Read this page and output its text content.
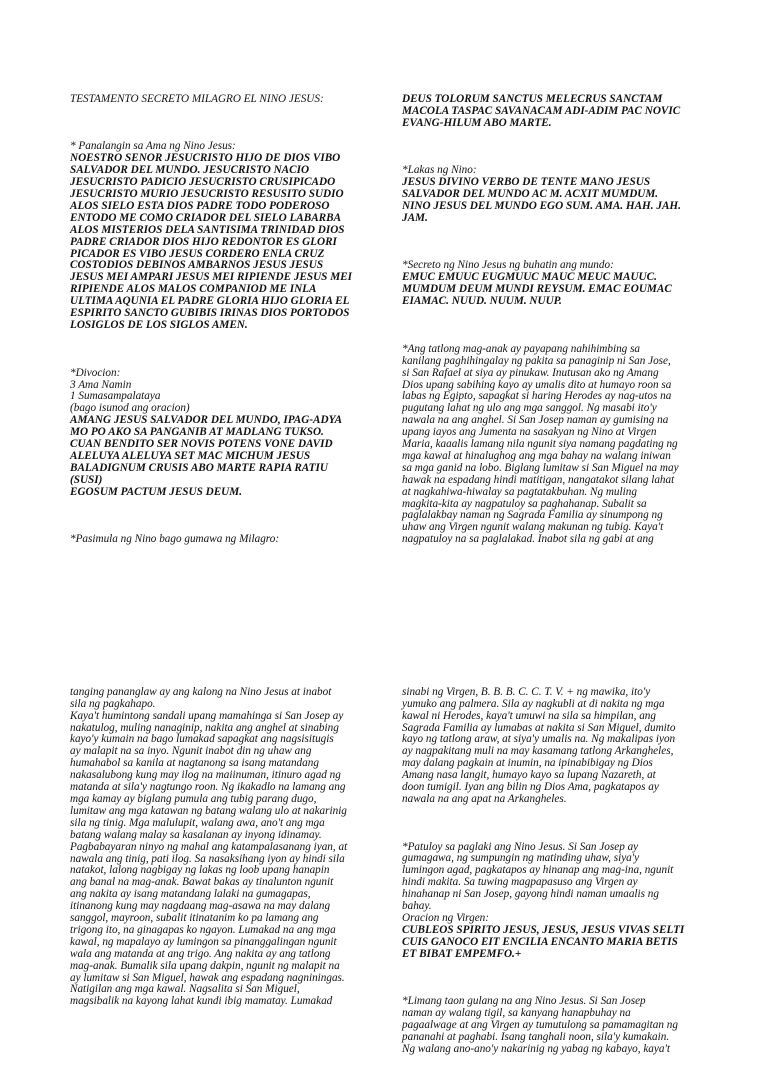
TESTAMENTO SECRETO MILAGRO EL NINO JESUS:

* Panalangin sa Ama ng Nino Jesus:
NOESTRO SENOR JESUCRISTO HIJO DE DIOS VIBO
SALVADOR DEL MUNDO. JESUCRISTO NACIO
JESUCRISTO PADICIO JESUCRISTO CRUSIPICADO
JESUCRISTO MURIO JESUCRISTO RESUSITO SUDIO
ALOS SIELO ESTA DIOS PADRE TODO PODEROSO
ENTODO ME COMO CRIADOR DEL SIELO LABARBA
ALOS MISTERIOS DELA SANTISIMA TRINIDAD DIOS
PADRE CRIADOR DIOS HIJO REDONTOR ES GLORI
PICADOR ES VIBO JESUS CORDERO ENLA CRUZ
COSTODIOS DEBINOS AMBARNOS JESUS JESUS
JESUS MEI AMPARI JESUS MEI RIPIENDE JESUS MEI
RIPIENDE ALOS MALOS COMPANIOD ME INLA
ULTIMA AQUNIA EL PADRE GLORIA HIJO GLORIA EL
ESPIRITO SANCTO GUBIBIS IRINAS DIOS PORTODOS
LOSIGLOS DE LOS SIGLOS AMEN.

*Divocion:
3 Ama Namin
1 Sumasampalataya
(bago isunod ang oracion)
AMANG JESUS SALVADOR DEL MUNDO, IPAG-ADYA
MO PO AKO SA PANGANIB AT MADLANG TUKSO.
CUAN BENDITO SER NOVIS POTENS VONE DAVID
ALELUYA ALELUYA SET MAC MICHUM JESUS
BALADIGNUM CRUSIS ABO MARTE RAPIA RATIU
(SUSI)
EGOSUM PACTUM JESUS DEUM.

*Pasimula ng Nino bago gumawa ng Milagro:

DEUS TOLORUM SANCTUS MELECRUS SANCTAM
MACOLA TASPAC SAVANACAM ADI-ADIM PAC NOVIC
EVANG-HILUM ABO MARTE.

*Lakas ng Nino:
JESUS DIVINO VERBO DE TENTE MANO JESUS
SALVADOR DEL MUNDO AC M. ACXIT MUMDUM.
NINO JESUS DEL MUNDO EGO SUM. AMA. HAH. JAH.
JAM.

*Secreto ng Nino Jesus ng buhatin ang mundo:
EMUC EMUUC EUGMUUC MAUC MEUC MAUUC.
MUMDUM DEUM MUNDI REYSUM. EMAC EOUMAC
EIAMAC. NUUD. NUUM. NUUP.

*Ang tatlong mag-anak ay payapang nahihimbing sa
kanilang paghihingalay ng pakita sa panaginip ni San Jose,
si San Rafael at siya ay pinukaw. Inutusan ako ng Amang
Dios upang sabihing kayo ay umalis dito at humayo roon sa
labas ng Egipto, sapagkat si haring Herodes ay nag-utos na
pugutang lahat ng ulo ang mga sanggol. Ng masabi ito'y
nawala na ang anghel. Si San Josep naman ay gumising na
upang iayos ang Jumenta na sasakyan ng Nino at Virgen
Maria, kaaalis lamang nila ngunit siya namang pagdating ng
mga kawal at hinalughog ang mga bahay na walang iniwan
sa mga ganid na lobo. Biglang lumitaw si San Miguel na may
hawak na espadang hindi matitigan, nangatakot silang lahat
at nagkahiwa-hiwalay sa pagtatakbuhan. Ng muling
magkita-kita ay nagpatuloy sa paghahanap. Subalit sa
paglalakbay naman ng Sagrada Familia ay sinumpong ng
uhaw ang Virgen ngunit walang makunan ng tubig. Kaya't
nagpatuloy na sa paglalakad. Inabot sila ng gabi at ang

tanging pananglaw ay ang kalong na Nino Jesus at inabot
sila ng pagkahapo.
Kaya't humintong sandali upang mamahinga si San Josep ay
nakatulog, muling nanaginip, nakita ang anghel at sinabing
kayo'y kumain na bago lumakad sapagkat ang nagsisitugis
ay malapit na sa inyo. Ngunit inabot din ng uhaw ang
humahabol sa kanila at nagtanong sa isang matandang
nakasalubong kung may ilog na maiinuman, itinuro agad ng
matanda at sila'y nagtungo roon. Ng ikakadlo na lamang ang
mga kamay ay biglang pumula ang tubig parang dugo,
lumitaw ang mga katawan ng batang walang ulo at nakarinig
sila ng tinig. Mga malulupit, walang awa, ano't ang mga
batang walang malay sa kasalanan ay inyong idinamay.
Pagbabayaran ninyo ng mahal ang katampalasanang iyan, at
nawala ang tinig, pati ilog. Sa nasaksihang iyon ay hindi sila
natakot, lalong nagbigay ng lakas ng loob upang hanapin
ang banal na mag-anak. Bawat bakas ay tinalunton ngunit
ang nakita ay isang matandang lalaki na gumagapas,
itinanong kung may nagdaang mag-asawa na may dalang
sanggol, mayroon, subalit itinatanim ko pa lamang ang
trigong ito, na ginagapas ko ngayon. Lumakad na ang mga
kawal, ng mapalayo ay lumingon sa pinanggalingan ngunit
wala ang matanda at ang trigo. Ang nakita ay ang tatlong
mag-anak. Bumalik sila upang dakpin, ngunit ng malapit na
ay lumitaw si San Miguel, hawak ang espadang nagniningas.
Natigilan ang mga kawal. Nagsalita si San Miguel,
magsibalik na kayong lahat kundi ibig mamatay. Lumakad

sinabi ng Virgen, B. B. B. C. C. T. V. + ng mawika, ito'y
yumuko ang palmera. Sila ay nagkubli at di nakita ng mga
kawal ni Herodes, kaya't umuwi na sila sa himpilan, ang
Sagrada Familia ay lumabas at nakita si San Miguel, dumito
kayo ng tatlong araw, at siya'y umalis na. Ng makalipas iyon
ay nagpakitang muli na may kasamang tatlong Arkangheles,
may dalang pagkain at inumin, na ipinabibigay ng Dios
Amang nasa langit, humayo kayo sa lupang Nazareth, at
doon tumigil. Iyan ang bilin ng Dios Ama, pagkatapos ay
nawala na ang apat na Arkangheles.

*Patuloy sa paglaki ang Nino Jesus. Si San Josep ay
gumagawa, ng sumpungin ng matinding uhaw, siya'y
lumingon agad, pagkatapos ay hinanap ang mag-ina, ngunit
hindi makita. Sa tuwing magpapasuso ang Virgen ay
hinahanap ni San Josep, gayong hindi naman umaalis ng
bahay.
Oracion ng Virgen:
CUBLEOS SPIRITO JESUS, JESUS, JESUS VIVAS SELTI
CUIS GANOCO EIT ENCILIA ENCANTO MARIA BETIS
ET BIBAT EMPEMFO.+

*Limang taon gulang na ang Nino Jesus. Si San Josep
naman ay walang tigil, sa kanyang hanapbuhay na
pagaalwage at ang Virgen ay tumutulong sa pamamagitan ng
pananahi at paghabi. Isang tanghali noon, sila'y kumakain.
Ng walang ano-ano'y nakarinig ng yabag ng kabayo, kaya't
